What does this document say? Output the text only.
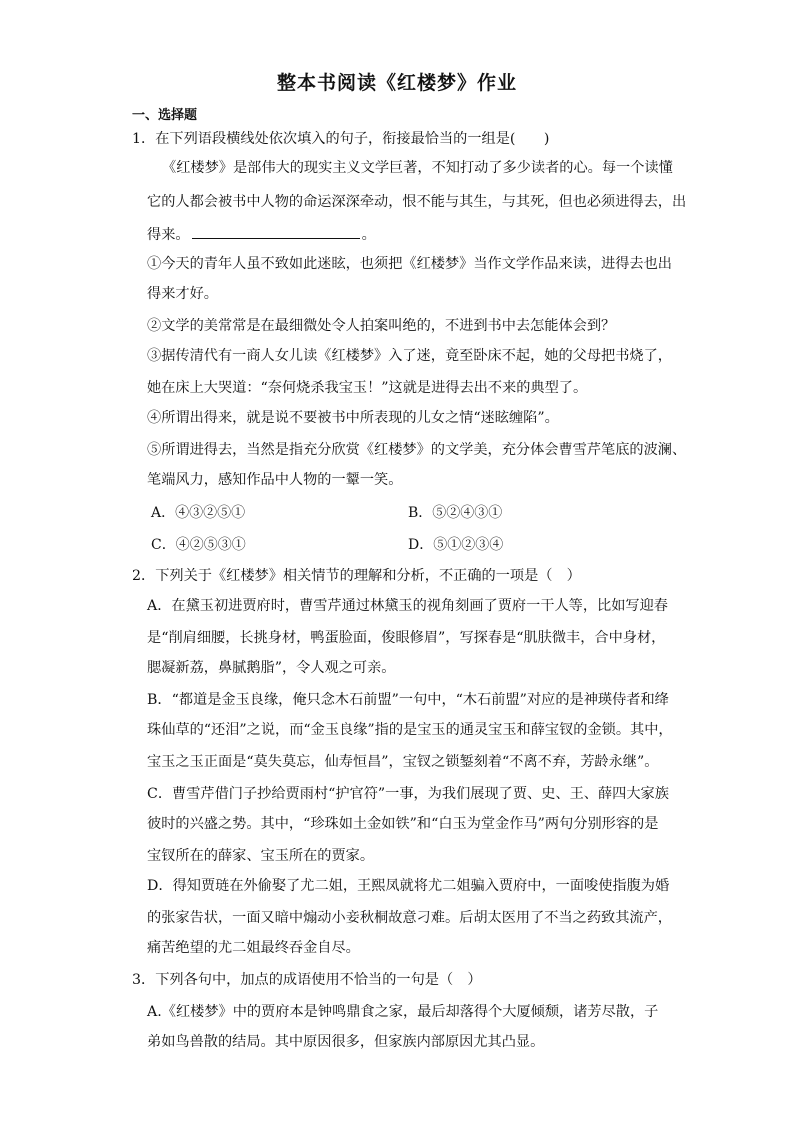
整本书阅读《红楼梦》作业
一、选择题
1．在下列语段横线处依次填入的句子，衔接最恰当的一组是(　　)
《红楼梦》是部伟大的现实主义文学巨著，不知打动了多少读者的心。每一个读懂
它的人都会被书中人物的命运深深牵动，恨不能与其生，与其死，但也必须进得去，出
得来。	。
①今天的青年人虽不致如此迷眩，也须把《红楼梦》当作文学作品来读，进得去也出
得来才好。
②文学的美常常是在最细微处令人拍案叫绝的，不进到书中去怎能体会到？
③据传清代有一商人女儿读《红楼梦》入了迷，竟至卧床不起，她的父母把书烧了，
她在床上大哭道：“奈何烧杀我宝玉！”这就是进得去出不来的典型了。
④所谓出得来，就是说不要被书中所表现的儿女之情“迷眩缠陷”。
⑤所谓进得去，当然是指充分欣赏《红楼梦》的文学美，充分体会曹雪芹笔底的波澜、
笔端风力，感知作品中人物的一颦一笑。
A．④③②⑤①	B．⑤②④③①
C．④②⑤③①	D．⑤①②③④
2．下列关于《红楼梦》相关情节的理解和分析，不正确的一项是（　）
A．在黛玉初进贾府时，曹雪芹通过林黛玉的视角刻画了贾府一干人等，比如写迎春
是“削肩细腰，长挑身材，鸭蛋脸面，俊眼修眉”，写探春是“肌肤微丰，合中身材，
腮凝新荔，鼻腻鹅脂”，令人观之可亲。
B．“都道是金玉良缘，俺只念木石前盟”一句中，“木石前盟”对应的是神瑛侍者和绛
珠仙草的“还泪”之说，而“金玉良缘”指的是宝玉的通灵宝玉和薛宝钗的金锁。其中，
宝玉之玉正面是“莫失莫忘，仙寿恒昌”，宝钗之锁錾刻着“不离不弃，芳龄永继”。
C．曹雪芹借门子抄给贾雨村“护官符”一事，为我们展现了贾、史、王、薛四大家族
彼时的兴盛之势。其中，“珍珠如土金如铁”和“白玉为堂金作马”两句分别形容的是
宝钗所在的薛家、宝玉所在的贾家。
D．得知贾琏在外偷娶了尤二姐，王熙凤就将尤二姐骗入贾府中，一面唆使指腹为婚
的张家告状，一面又暗中煽动小妾秋桐故意刁难。后胡太医用了不当之药致其流产，
痛苦绝望的尤二姐最终吞金自尽。
3．下列各句中，加点的成语使用不恰当的一句是（　）
A.《红楼梦》中的贾府本是钟鸣鼎食之家，最后却落得个大厦倾颓，诸芳尽散，子
弟如鸟兽散的结局。其中原因很多，但家族内部原因尤其凸显。
